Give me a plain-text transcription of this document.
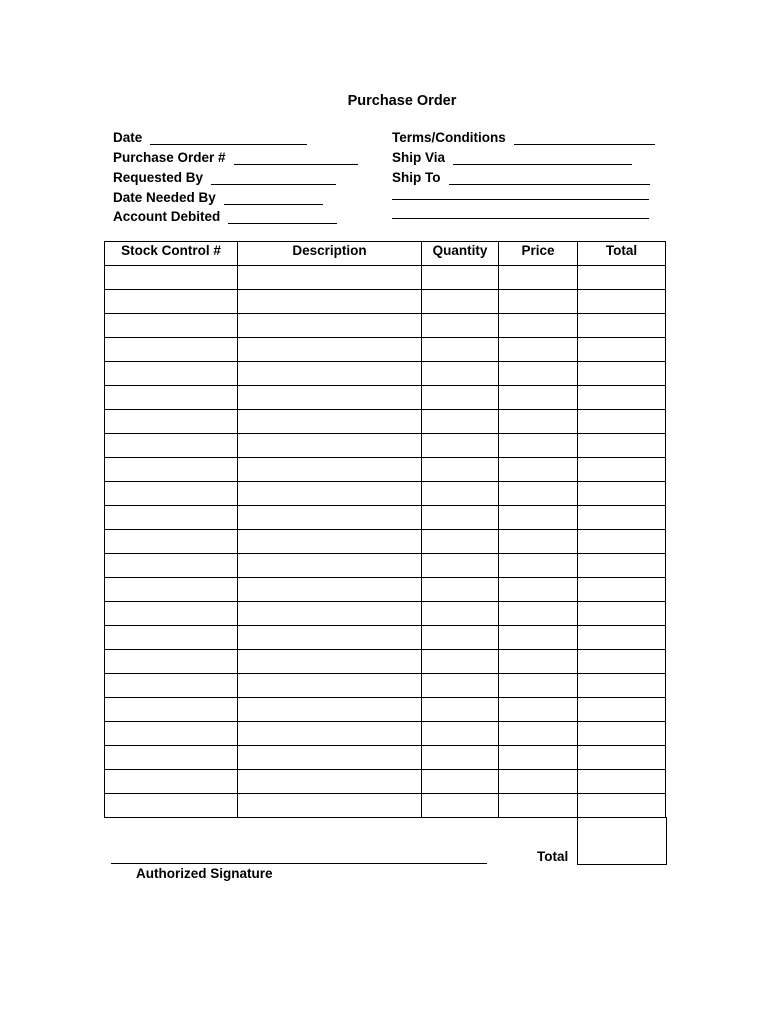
Purchase Order
Date
Purchase Order #
Requested By
Date Needed By
Account Debited
Terms/Conditions
Ship Via
Ship To
Stock Control #	Description	Quantity	Price	Total

Total
Authorized Signature
